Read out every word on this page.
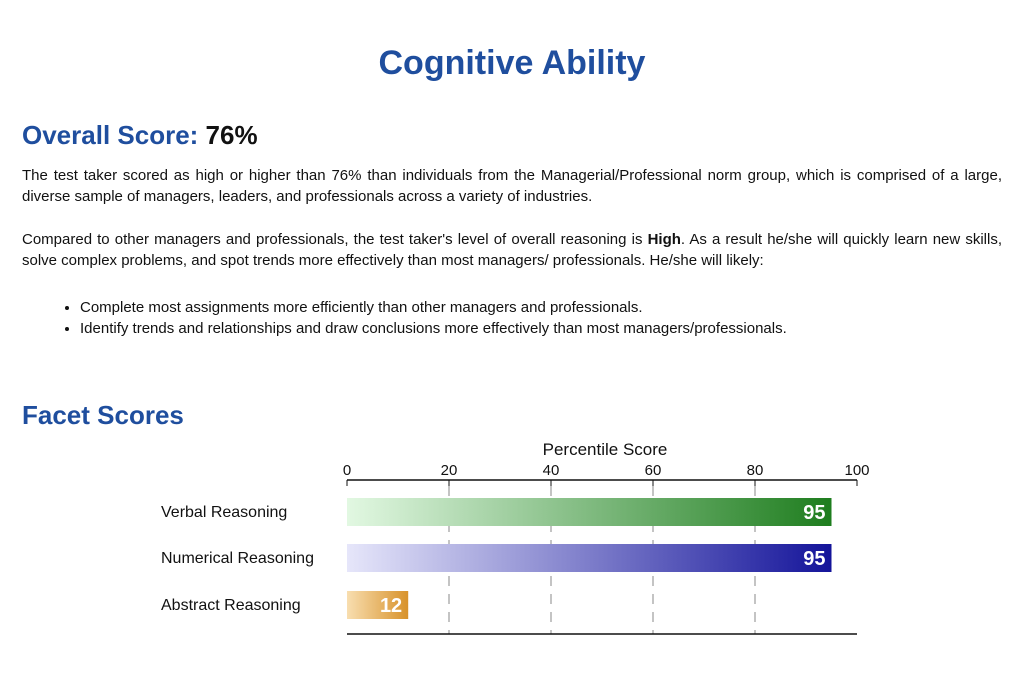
Cognitive Ability
Overall Score: 76%

The test taker scored as high or higher than 76% than individuals from the Managerial/Professional norm group, which is comprised of a large, diverse sample of managers, leaders, and professionals across a variety of industries.

Compared to other managers and professionals, the test taker's level of overall reasoning is High. As a result he/she will quickly learn new skills, solve complex problems, and spot trends more effectively than most managers/ professionals. He/she will likely:

• Complete most assignments more efficiently than other managers and professionals.
• Identify trends and relationships and draw conclusions more effectively than most managers/professionals.
Facet Scores
Percentile Score
0	20	40	60	80	100
Verbal Reasoning	95
Numerical Reasoning	95
Abstract Reasoning	12
